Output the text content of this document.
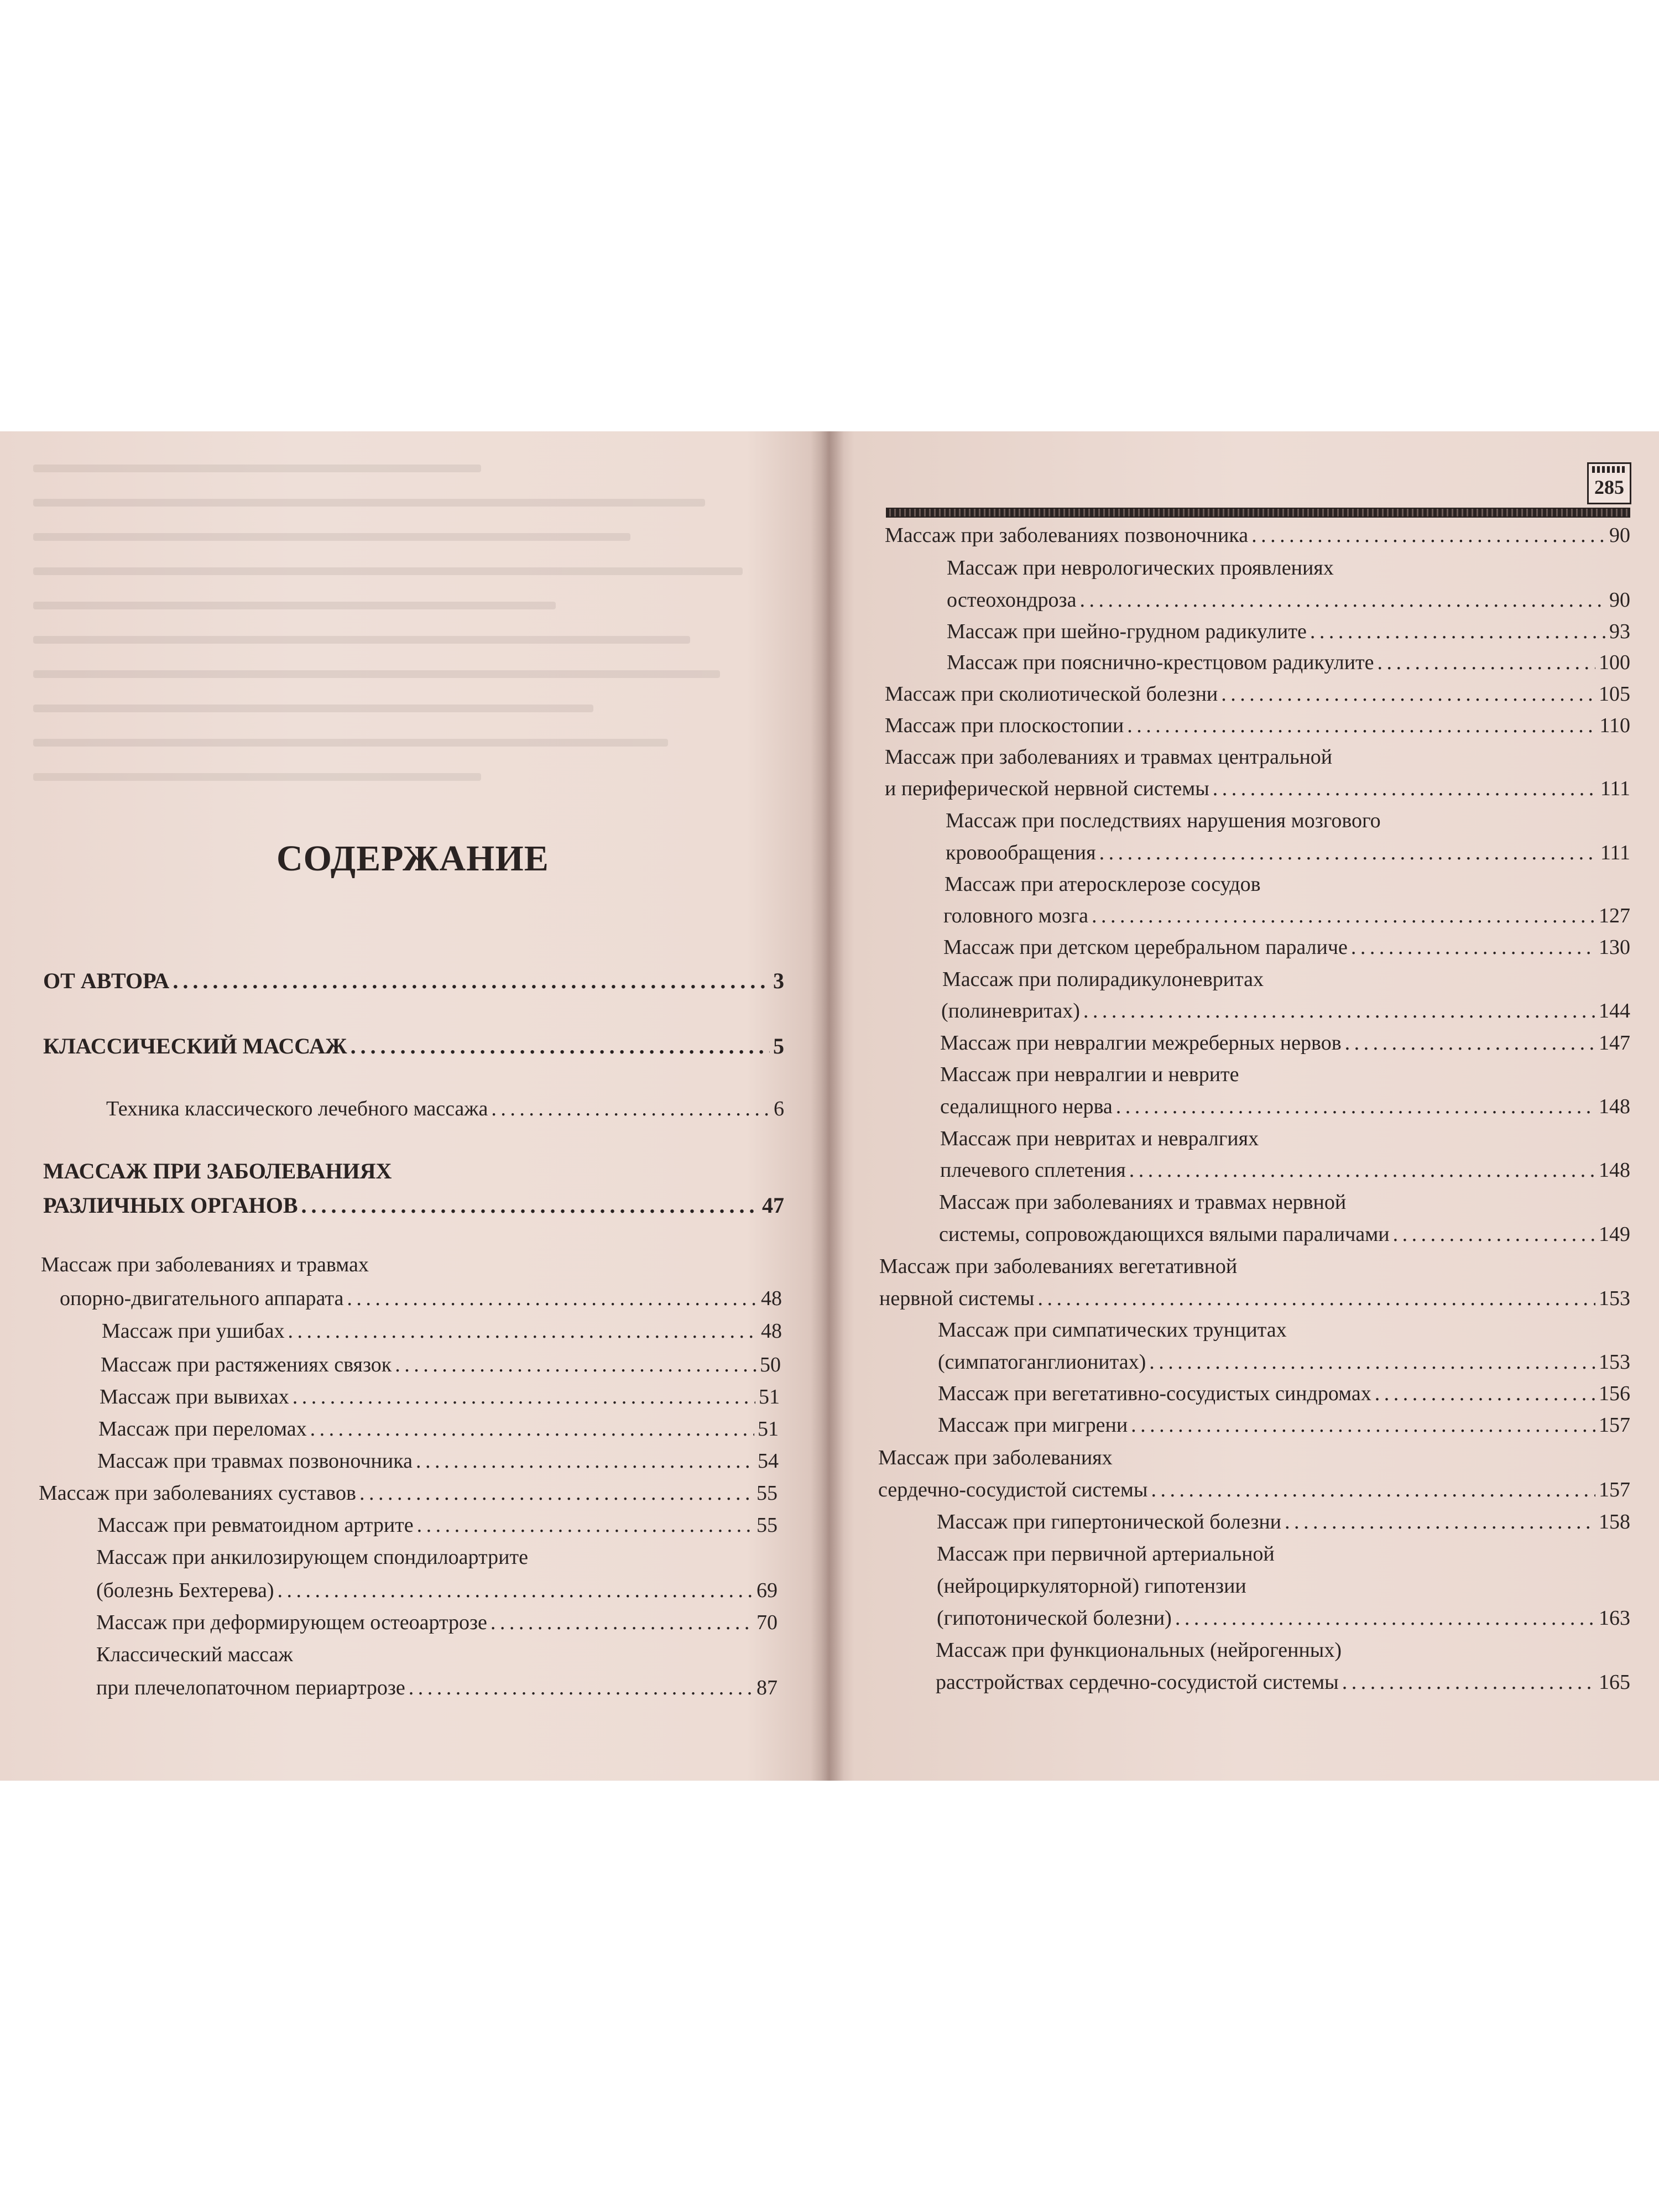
СОДЕРЖАНИЕ
ОТ АВТОРА . . .	3
КЛАССИЧЕСКИЙ МАССАЖ . . .	5
Техника классического лечебного массажа . . .	6
МАССАЖ ПРИ ЗАБОЛЕВАНИЯХ
РАЗЛИЧНЫХ ОРГАНОВ . . .	47
Массаж при заболеваниях и травмах
опорно-двигательного аппарата . . .	48
Массаж при ушибах . . .	48
Массаж при растяжениях связок . . .	50
Массаж при вывихах . . .	51
Массаж при переломах . . .	51
Массаж при травмах позвоночника . . .	54
Массаж при заболеваниях суставов . . .	55
Массаж при ревматоидном артрите . . .	55
Массаж при анкилозирующем спондилоартрите
(болезнь Бехтерева) . . .	69
Массаж при деформирующем остеоартрозе . . .	70
Классический массаж
при плечелопаточном периартрозе . . .	87
285
Массаж при заболеваниях позвоночника . . .	90
Массаж при неврологических проявлениях
остеохондроза . . .	90
Массаж при шейно-грудном радикулите . . .	93
Массаж при пояснично-крестцовом радикулите . . .	100
Массаж при сколиотической болезни . . .	105
Массаж при плоскостопии . . .	110
Массаж при заболеваниях и травмах центральной
и периферической нервной системы . . .	111
Массаж при последствиях нарушения мозгового
кровообращения . . .	111
Массаж при атеросклерозе сосудов
головного мозга . . .	127
Массаж при детском церебральном параличе . . .	130
Массаж при полирадикулоневритах
(полиневритах) . . .	144
Массаж при невралгии межреберных нервов . . .	147
Массаж при невралгии и неврите
седалищного нерва . . .	148
Массаж при невритах и невралгиях
плечевого сплетения . . .	148
Массаж при заболеваниях и травмах нервной
системы, сопровождающихся вялыми параличами . . .	149
Массаж при заболеваниях вегетативной
нервной системы . . .	153
Массаж при симпатических трунцитах
(симпатоганглионитах) . . .	153
Массаж при вегетативно-сосудистых синдромах . . .	156
Массаж при мигрени . . .	157
Массаж при заболеваниях
сердечно-сосудистой системы . . .	157
Массаж при гипертонической болезни . . .	158
Массаж при первичной артериальной
(нейроциркуляторной) гипотензии
(гипотонической болезни) . . .	163
Массаж при функциональных (нейрогенных)
расстройствах сердечно-сосудистой системы . . .	165
